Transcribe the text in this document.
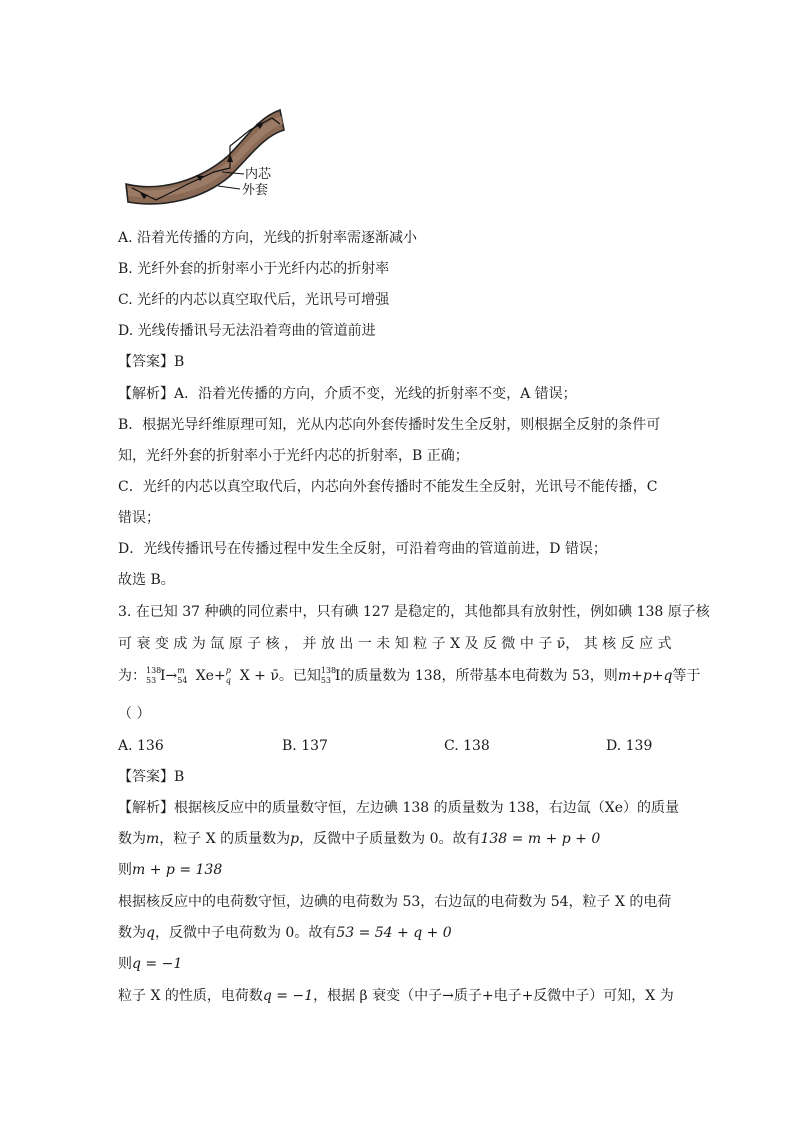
内芯
外套
A. 沿着光传播的方向，光线的折射率需逐渐减小
B. 光纤外套的折射率小于光纤内芯的折射率
C. 光纤的内芯以真空取代后，光讯号可增强
D. 光线传播讯号无法沿着弯曲的管道前进
【答案】B
【解析】A．沿着光传播的方向，介质不变，光线的折射率不变，A 错误；
B．根据光导纤维原理可知，光从内芯向外套传播时发生全反射，则根据全反射的条件可
知，光纤外套的折射率小于光纤内芯的折射率，B 正确；
C．光纤的内芯以真空取代后，内芯向外套传播时不能发生全反射，光讯号不能传播，C
错误；
D．光线传播讯号在传播过程中发生全反射，可沿着弯曲的管道前进，D 错误；
故选 B。
3. 在已知 37 种碘的同位素中，只有碘 127 是稳定的，其他都具有放射性，例如碘 138 原子核
可 衰 变 成 为 氙 原 子 核 ， 并 放 出 一 未 知 粒 子 X 及 反 微 中 子 ν̄， 其 核 反 应 式
为： 138
53 I→ m
54 Xe+ p
q X + ν̄。已知 138
53 I的质量数为 138，所带基本电荷数为 53，则m+p+q等于
（ ）
A. 136	B. 137	C. 138	D. 139
【答案】B
【解析】根据核反应中的质量数守恒，左边碘 138 的质量数为 138，右边氙（Xe）的质量
数为m，粒子 X 的质量数为p，反微中子质量数为 0。故有138 = m + p + 0
则m + p = 138
根据核反应中的电荷数守恒，边碘的电荷数为 53，右边氙的电荷数为 54，粒子 X 的电荷
数为q，反微中子电荷数为 0。故有53 = 54 + q + 0
则q = −1
粒子 X 的性质，电荷数q = −1，根据 β 衰变（中子→质子+电子+反微中子）可知，X 为
